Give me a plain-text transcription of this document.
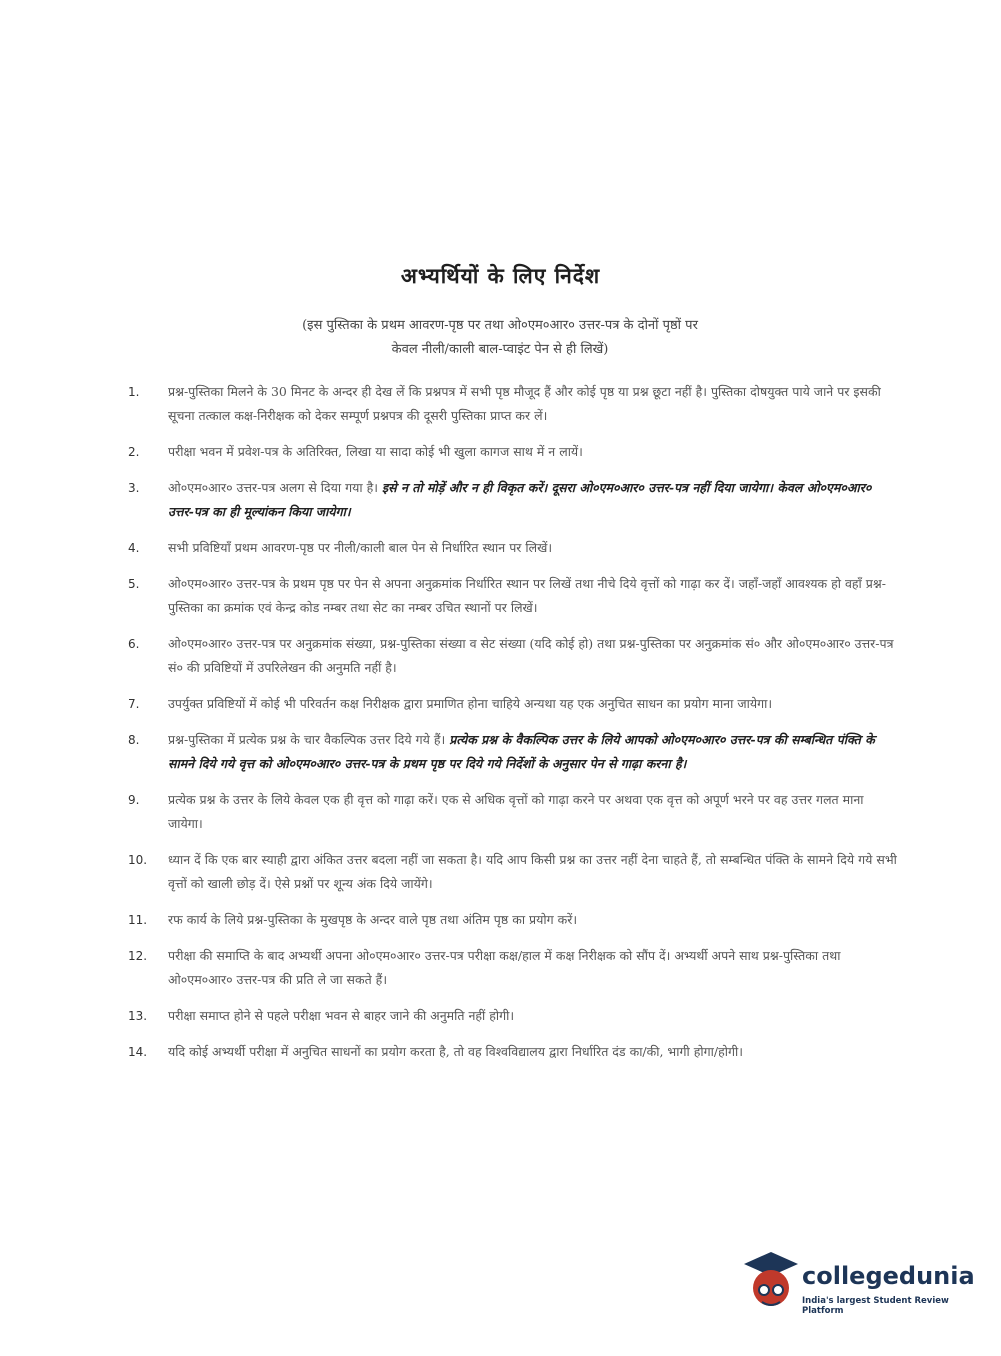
अभ्यर्थियों के लिए निर्देश
(इस पुस्तिका के प्रथम आवरण-पृष्ठ पर तथा ओ०एम०आर० उत्तर-पत्र के दोनों पृष्ठों पर
केवल नीली/काली बाल-प्वाइंट पेन से ही लिखें)
1.	प्रश्न-पुस्तिका मिलने के 30 मिनट के अन्दर ही देख लें कि प्रश्नपत्र में सभी पृष्ठ मौजूद हैं और कोई पृष्ठ या प्रश्न छूटा नहीं है। पुस्तिका दोषयुक्त पाये जाने पर इसकी सूचना तत्काल कक्ष-निरीक्षक को देकर सम्पूर्ण प्रश्नपत्र की दूसरी पुस्तिका प्राप्त कर लें।
2.	परीक्षा भवन में प्रवेश-पत्र के अतिरिक्त, लिखा या सादा कोई भी खुला कागज साथ में न लायें।
3.	ओ०एम०आर० उत्तर-पत्र अलग से दिया गया है। इसे न तो मोड़ें और न ही विकृत करें। दूसरा ओ०एम०आर० उत्तर-पत्र नहीं दिया जायेगा। केवल ओ०एम०आर० उत्तर-पत्र का ही मूल्यांकन किया जायेगा।
4.	सभी प्रविष्टियाँ प्रथम आवरण-पृष्ठ पर नीली/काली बाल पेन से निर्धारित स्थान पर लिखें।
5.	ओ०एम०आर० उत्तर-पत्र के प्रथम पृष्ठ पर पेन से अपना अनुक्रमांक निर्धारित स्थान पर लिखें तथा नीचे दिये वृत्तों को गाढ़ा कर दें। जहाँ-जहाँ आवश्यक हो वहाँ प्रश्न-पुस्तिका का क्रमांक एवं केन्द्र कोड नम्बर तथा सेट का नम्बर उचित स्थानों पर लिखें।
6.	ओ०एम०आर० उत्तर-पत्र पर अनुक्रमांक संख्या, प्रश्न-पुस्तिका संख्या व सेट संख्या (यदि कोई हो) तथा प्रश्न-पुस्तिका पर अनुक्रमांक सं० और ओ०एम०आर० उत्तर-पत्र सं० की प्रविष्टियों में उपरिलेखन की अनुमति नहीं है।
7.	उपर्युक्त प्रविष्टियों में कोई भी परिवर्तन कक्ष निरीक्षक द्वारा प्रमाणित होना चाहिये अन्यथा यह एक अनुचित साधन का प्रयोग माना जायेगा।
8.	प्रश्न-पुस्तिका में प्रत्येक प्रश्न के चार वैकल्पिक उत्तर दिये गये हैं। प्रत्येक प्रश्न के वैकल्पिक उत्तर के लिये आपको ओ०एम०आर० उत्तर-पत्र की सम्बन्धित पंक्ति के सामने दिये गये वृत्त को ओ०एम०आर० उत्तर-पत्र के प्रथम पृष्ठ पर दिये गये निर्देशों के अनुसार पेन से गाढ़ा करना है।
9.	प्रत्येक प्रश्न के उत्तर के लिये केवल एक ही वृत्त को गाढ़ा करें। एक से अधिक वृत्तों को गाढ़ा करने पर अथवा एक वृत्त को अपूर्ण भरने पर वह उत्तर गलत माना जायेगा।
10.	ध्यान दें कि एक बार स्याही द्वारा अंकित उत्तर बदला नहीं जा सकता है। यदि आप किसी प्रश्न का उत्तर नहीं देना चाहते हैं, तो सम्बन्धित पंक्ति के सामने दिये गये सभी वृत्तों को खाली छोड़ दें। ऐसे प्रश्नों पर शून्य अंक दिये जायेंगे।
11.	रफ कार्य के लिये प्रश्न-पुस्तिका के मुखपृष्ठ के अन्दर वाले पृष्ठ तथा अंतिम पृष्ठ का प्रयोग करें।
12.	परीक्षा की समाप्ति के बाद अभ्यर्थी अपना ओ०एम०आर० उत्तर-पत्र परीक्षा कक्ष/हाल में कक्ष निरीक्षक को सौंप दें। अभ्यर्थी अपने साथ प्रश्न-पुस्तिका तथा ओ०एम०आर० उत्तर-पत्र की प्रति ले जा सकते हैं।
13.	परीक्षा समाप्त होने से पहले परीक्षा भवन से बाहर जाने की अनुमति नहीं होगी।
14.	यदि कोई अभ्यर्थी परीक्षा में अनुचित साधनों का प्रयोग करता है, तो वह विश्वविद्यालय द्वारा निर्धारित दंड का/की, भागी होगा/होगी।
collegedunia
India's largest Student Review Platform
